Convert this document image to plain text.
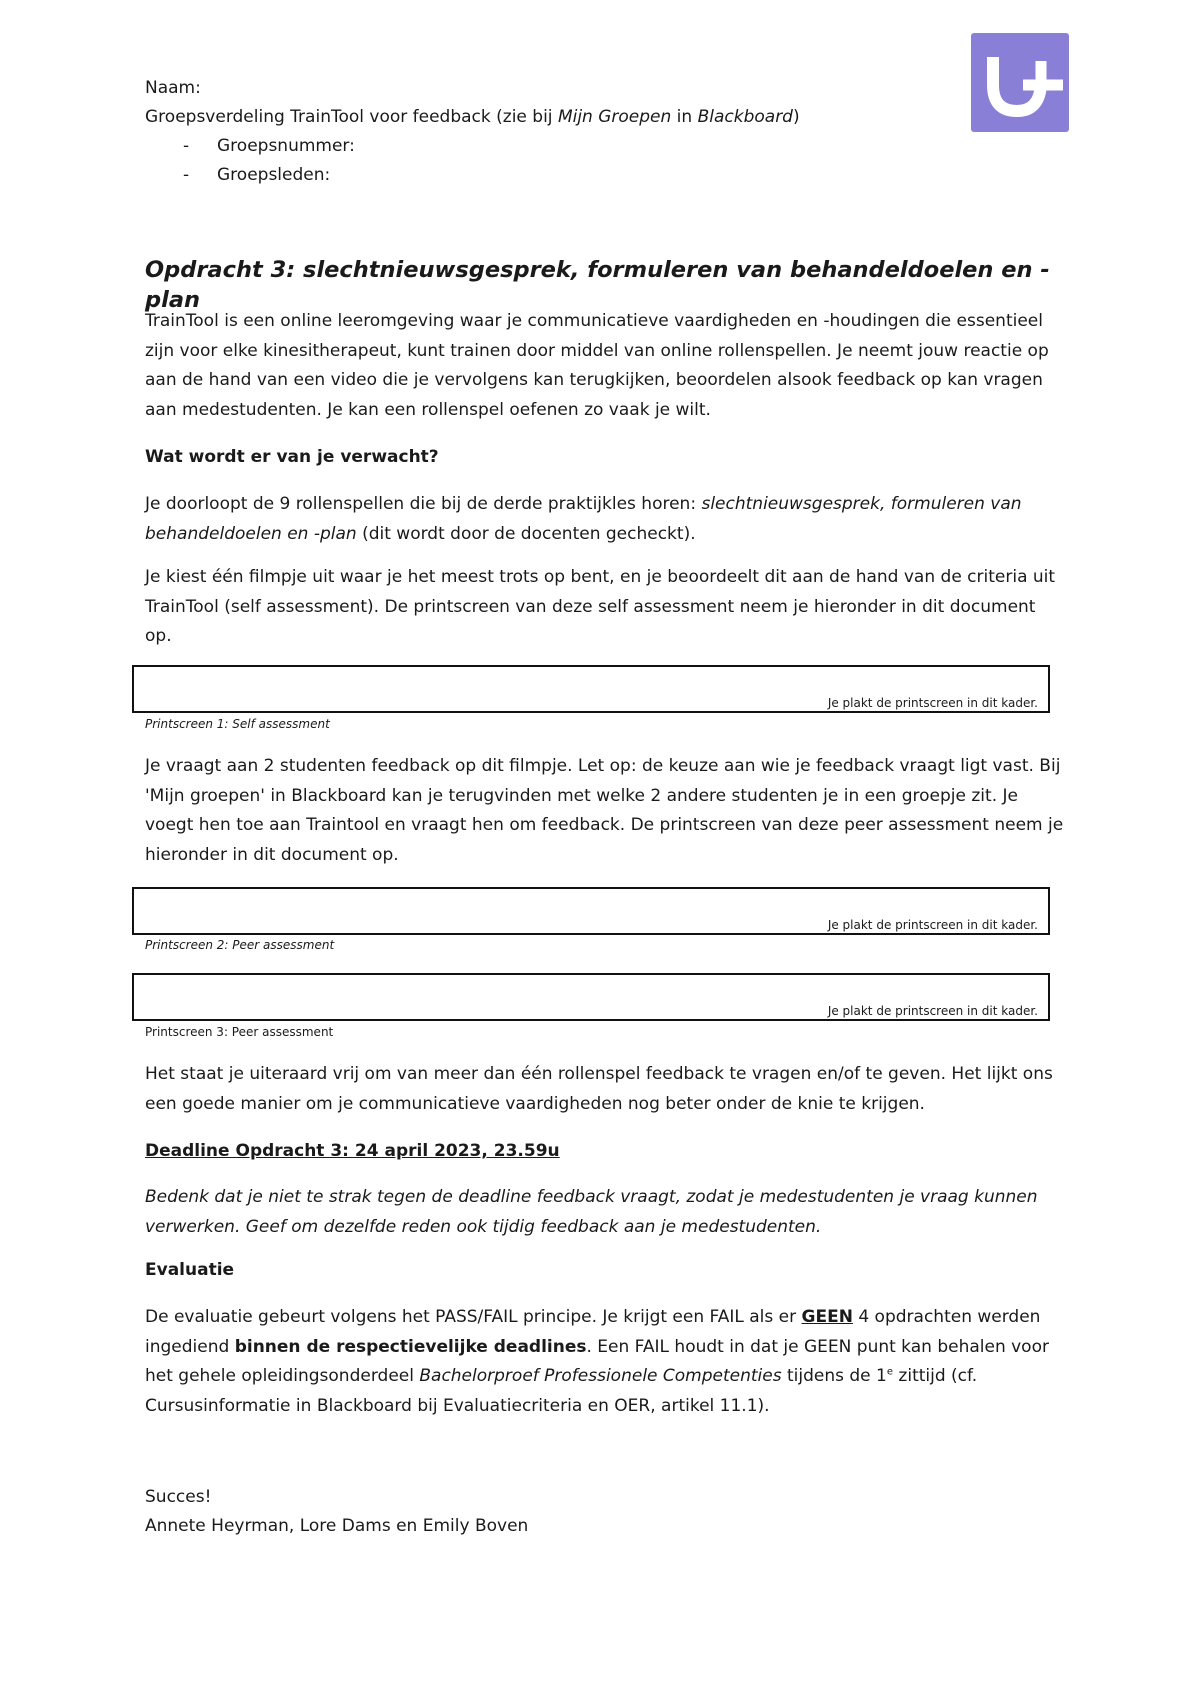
Naam:
Groepsverdeling TrainTool voor feedback (zie bij Mijn Groepen in Blackboard)
- Groepsnummer:
- Groepsleden:
Opdracht 3: slechtnieuwsgesprek, formuleren van behandeldoelen en -plan
TrainTool is een online leeromgeving waar je communicatieve vaardigheden en -houdingen die essentieel zijn voor elke kinesitherapeut, kunt trainen door middel van online rollenspellen. Je neemt jouw reactie op aan de hand van een video die je vervolgens kan terugkijken, beoordelen alsook feedback op kan vragen aan medestudenten. Je kan een rollenspel oefenen zo vaak je wilt.
Wat wordt er van je verwacht?
Je doorloopt de 9 rollenspellen die bij de derde praktijkles horen: slechtnieuwsgesprek, formuleren van behandeldoelen en -plan (dit wordt door de docenten gecheckt).
Je kiest één filmpje uit waar je het meest trots op bent, en je beoordeelt dit aan de hand van de criteria uit TrainTool (self assessment). De printscreen van deze self assessment neem je hieronder in dit document op.
Je plakt de printscreen in dit kader.
Printscreen 1: Self assessment
Je vraagt aan 2 studenten feedback op dit filmpje. Let op: de keuze aan wie je feedback vraagt ligt vast. Bij 'Mijn groepen' in Blackboard kan je terugvinden met welke 2 andere studenten je in een groepje zit. Je voegt hen toe aan Traintool en vraagt hen om feedback. De printscreen van deze peer assessment neem je hieronder in dit document op.
Je plakt de printscreen in dit kader.
Printscreen 2: Peer assessment
Je plakt de printscreen in dit kader.
Printscreen 3: Peer assessment
Het staat je uiteraard vrij om van meer dan één rollenspel feedback te vragen en/of te geven. Het lijkt ons een goede manier om je communicatieve vaardigheden nog beter onder de knie te krijgen.
Deadline Opdracht 3: 24 april 2023, 23.59u
Bedenk dat je niet te strak tegen de deadline feedback vraagt, zodat je medestudenten je vraag kunnen verwerken. Geef om dezelfde reden ook tijdig feedback aan je medestudenten.
Evaluatie
De evaluatie gebeurt volgens het PASS/FAIL principe. Je krijgt een FAIL als er GEEN 4 opdrachten werden ingediend binnen de respectievelijke deadlines. Een FAIL houdt in dat je GEEN punt kan behalen voor het gehele opleidingsonderdeel Bachelorproef Professionele Competenties tijdens de 1e zittijd (cf. Cursusinformatie in Blackboard bij Evaluatiecriteria en OER, artikel 11.1).
Succes!
Annete Heyrman, Lore Dams en Emily Boven
